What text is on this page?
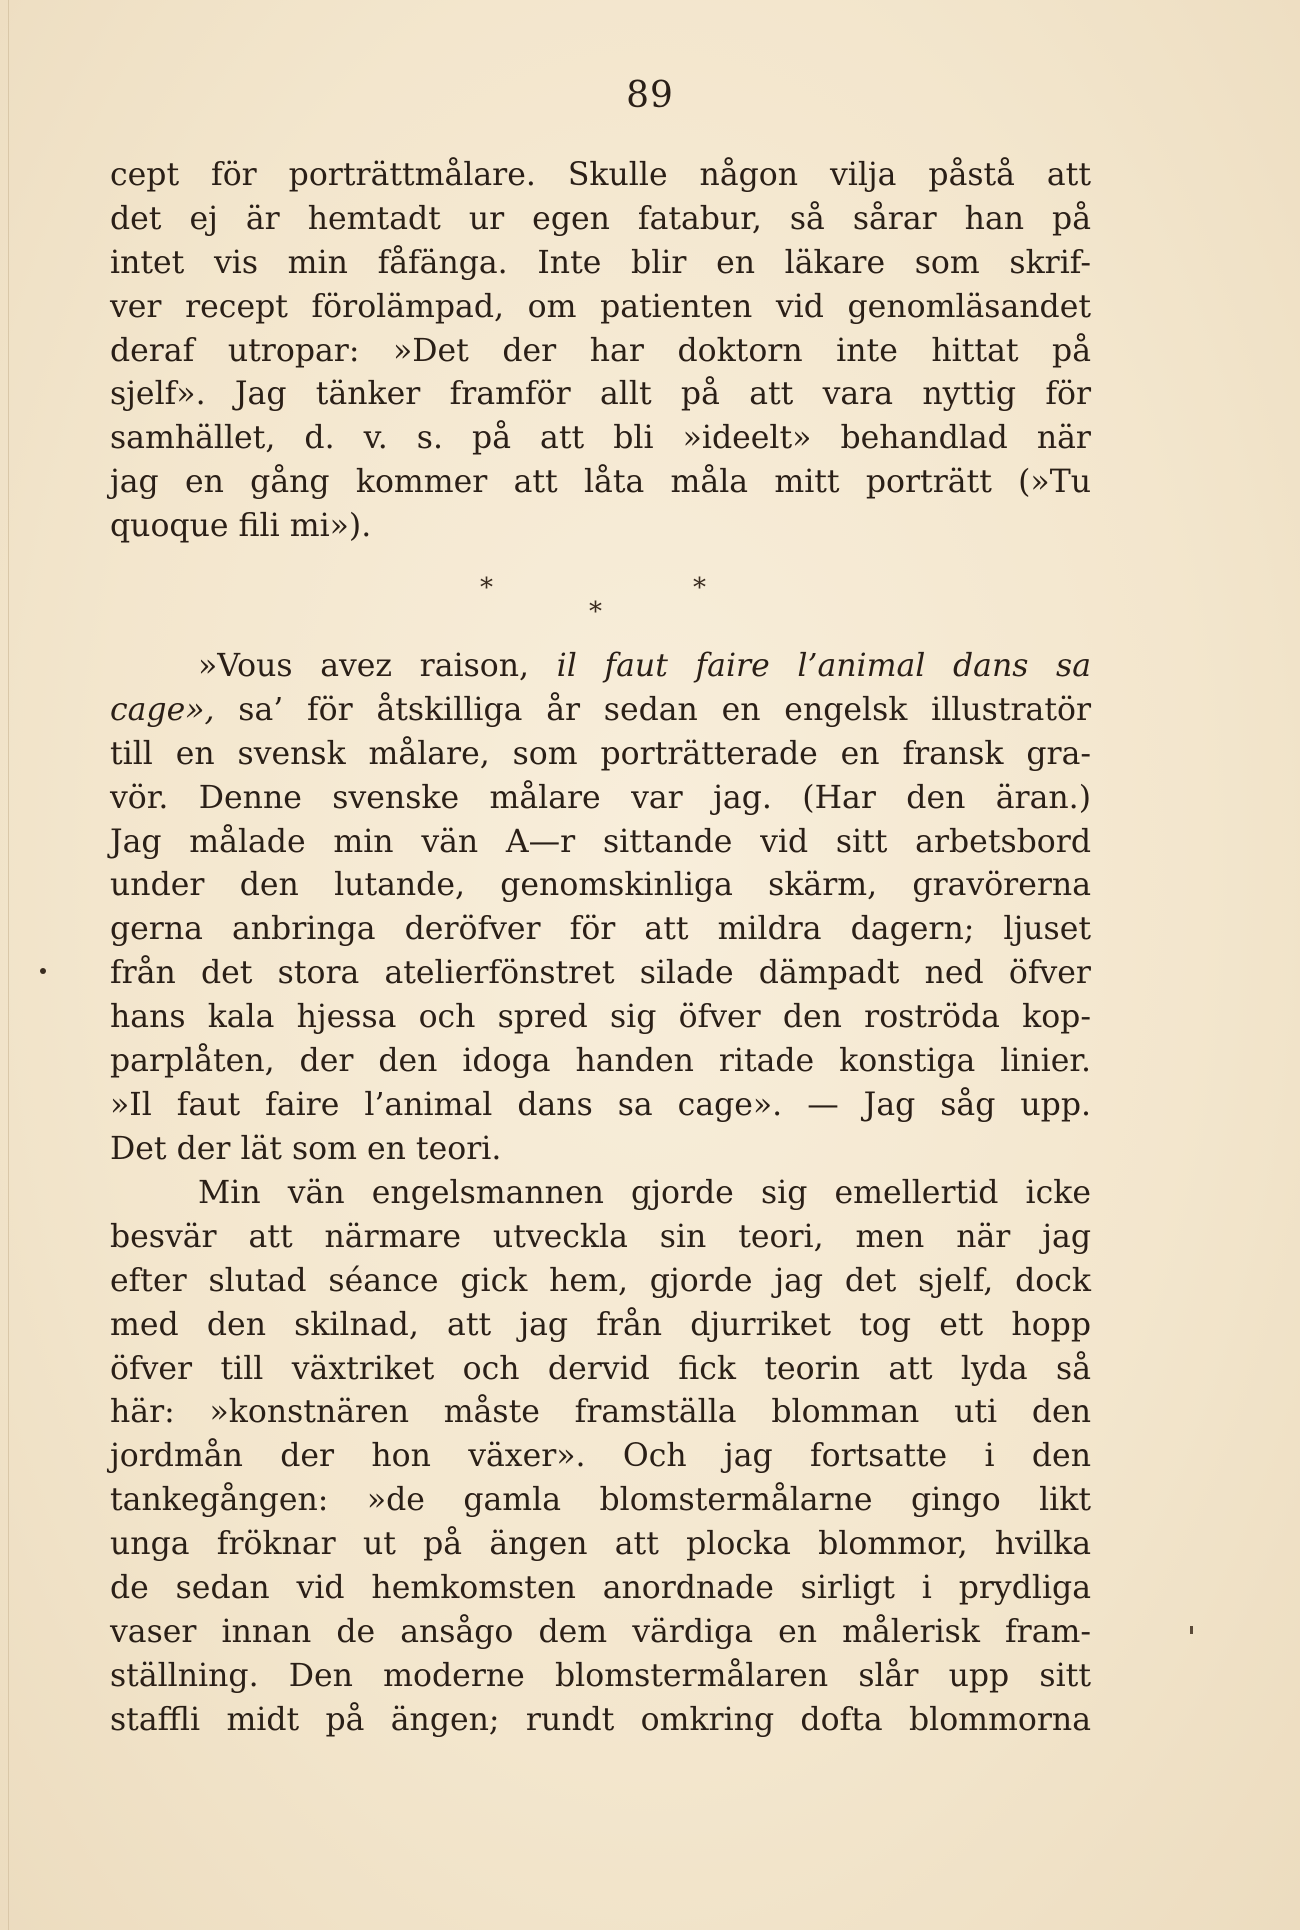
89
cept för porträttmålare. Skulle någon vilja påstå att
det ej är hemtadt ur egen fatabur, så sårar han på
intet vis min fåfänga. Inte blir en läkare som skrif-
ver recept förolämpad, om patienten vid genomläsandet
deraf utropar: »Det der har doktorn inte hittat på
sjelf». Jag tänker framför allt på att vara nyttig för
samhället, d. v. s. på att bli »ideelt» behandlad när
jag en gång kommer att låta måla mitt porträtt (»Tu
quoque fili mi»).
*	*
*
»Vous avez raison, il faut faire l’animal dans sa
cage», sa’ för åtskilliga år sedan en engelsk illustratör
till en svensk målare, som porträtterade en fransk gra-
vör. Denne svenske målare var jag. (Har den äran.)
Jag målade min vän A—r sittande vid sitt arbetsbord
under den lutande, genomskinliga skärm, gravörerna
gerna anbringa deröfver för att mildra dagern; ljuset
från det stora atelierfönstret silade dämpadt ned öfver
hans kala hjessa och spred sig öfver den roströda kop-
parplåten, der den idoga handen ritade konstiga linier.
»Il faut faire l’animal dans sa cage». — Jag såg upp.
Det der lät som en teori.
Min vän engelsmannen gjorde sig emellertid icke
besvär att närmare utveckla sin teori, men när jag
efter slutad séance gick hem, gjorde jag det sjelf, dock
med den skilnad, att jag från djurriket tog ett hopp
öfver till växtriket och dervid fick teorin att lyda så
här: »konstnären måste framställa blomman uti den
jordmån der hon växer». Och jag fortsatte i den
tankegången: »de gamla blomstermålarne gingo likt
unga fröknar ut på ängen att plocka blommor, hvilka
de sedan vid hemkomsten anordnade sirligt i prydliga
vaser innan de ansågo dem värdiga en målerisk fram-
ställning. Den moderne blomstermålaren slår upp sitt
staffli midt på ängen; rundt omkring dofta blommorna
